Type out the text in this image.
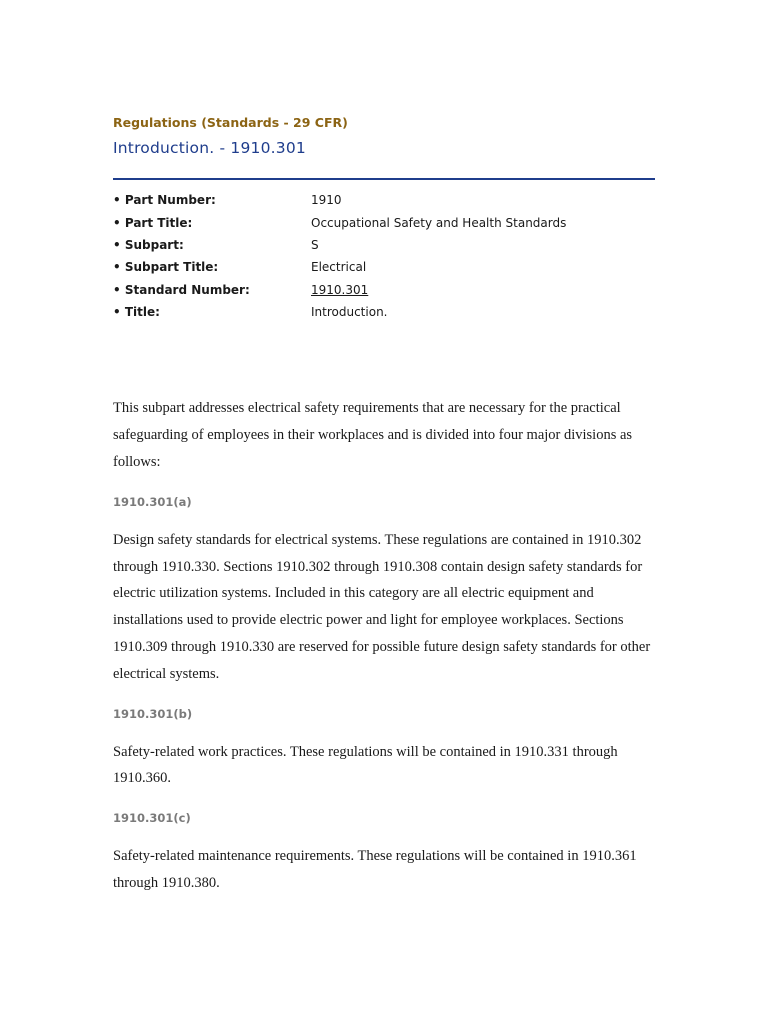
Regulations (Standards - 29 CFR)
Introduction. - 1910.301
• Part Number:	1910
• Part Title:	Occupational Safety and Health Standards
• Subpart:	S
• Subpart Title:	Electrical
• Standard Number:	1910.301
• Title:	Introduction.

This subpart addresses electrical safety requirements that are necessary for the practical safeguarding of employees in their workplaces and is divided into four major divisions as follows:

1910.301(a)

Design safety standards for electrical systems. These regulations are contained in 1910.302 through 1910.330. Sections 1910.302 through 1910.308 contain design safety standards for electric utilization systems. Included in this category are all electric equipment and installations used to provide electric power and light for employee workplaces. Sections 1910.309 through 1910.330 are reserved for possible future design safety standards for other electrical systems.

1910.301(b)

Safety-related work practices. These regulations will be contained in 1910.331 through 1910.360.

1910.301(c)

Safety-related maintenance requirements. These regulations will be contained in 1910.361 through 1910.380.
